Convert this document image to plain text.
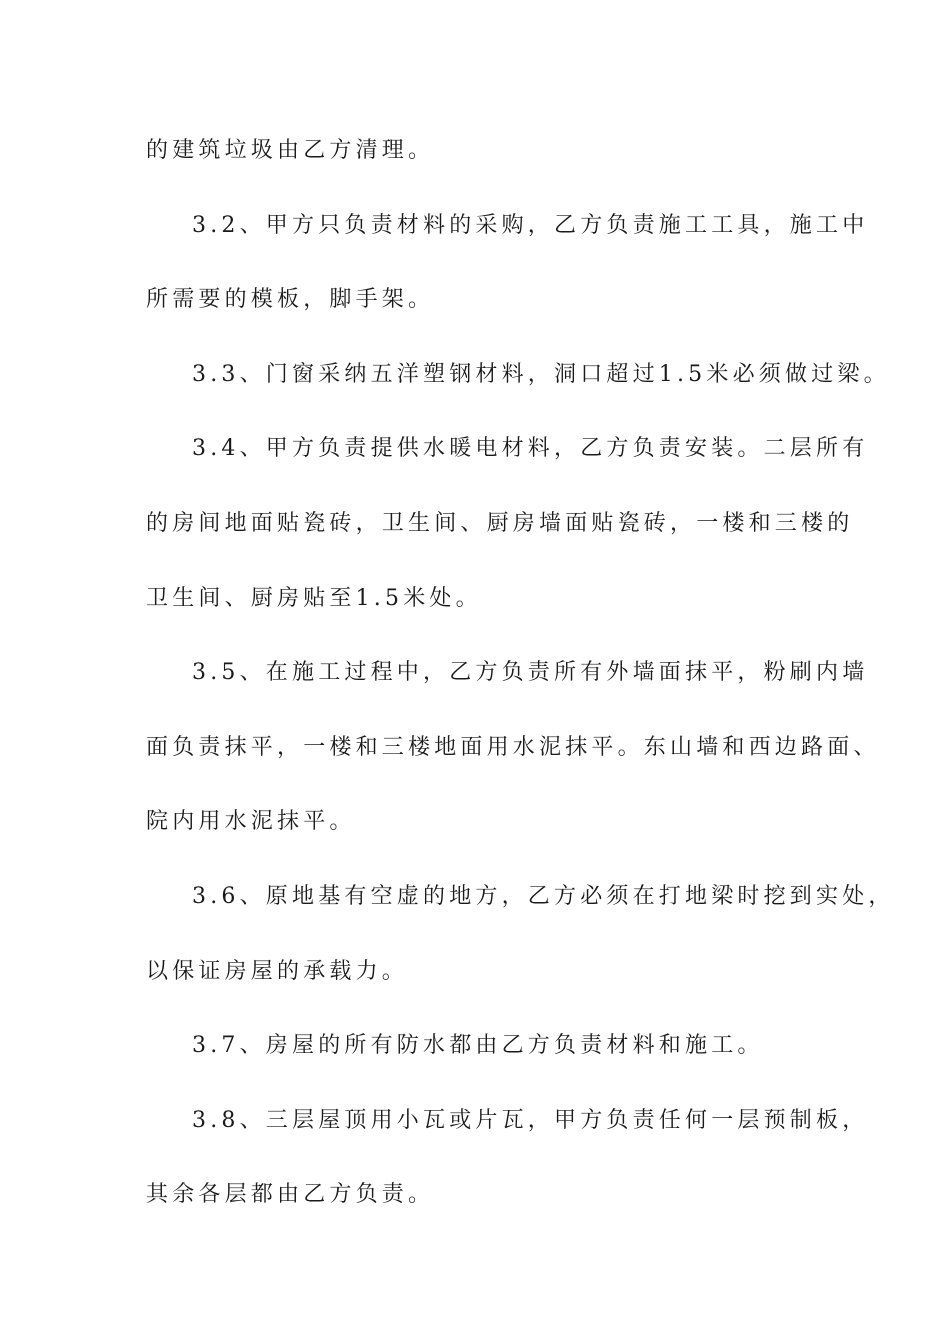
的建筑垃圾由乙方清理。
3.2、甲方只负责材料的采购，乙方负责施工工具，施工中
所需要的模板，脚手架。
3.3、门窗采纳五洋塑钢材料，洞口超过1.5米必须做过梁。
3.4、甲方负责提供水暖电材料，乙方负责安装。二层所有
的房间地面贴瓷砖，卫生间、厨房墙面贴瓷砖，一楼和三楼的
卫生间、厨房贴至1.5米处。
3.5、在施工过程中，乙方负责所有外墙面抹平，粉刷内墙
面负责抹平，一楼和三楼地面用水泥抹平。东山墙和西边路面、
院内用水泥抹平。
3.6、原地基有空虚的地方，乙方必须在打地梁时挖到实处，
以保证房屋的承载力。
3.7、房屋的所有防水都由乙方负责材料和施工。
3.8、三层屋顶用小瓦或片瓦，甲方负责任何一层预制板，
其余各层都由乙方负责。
